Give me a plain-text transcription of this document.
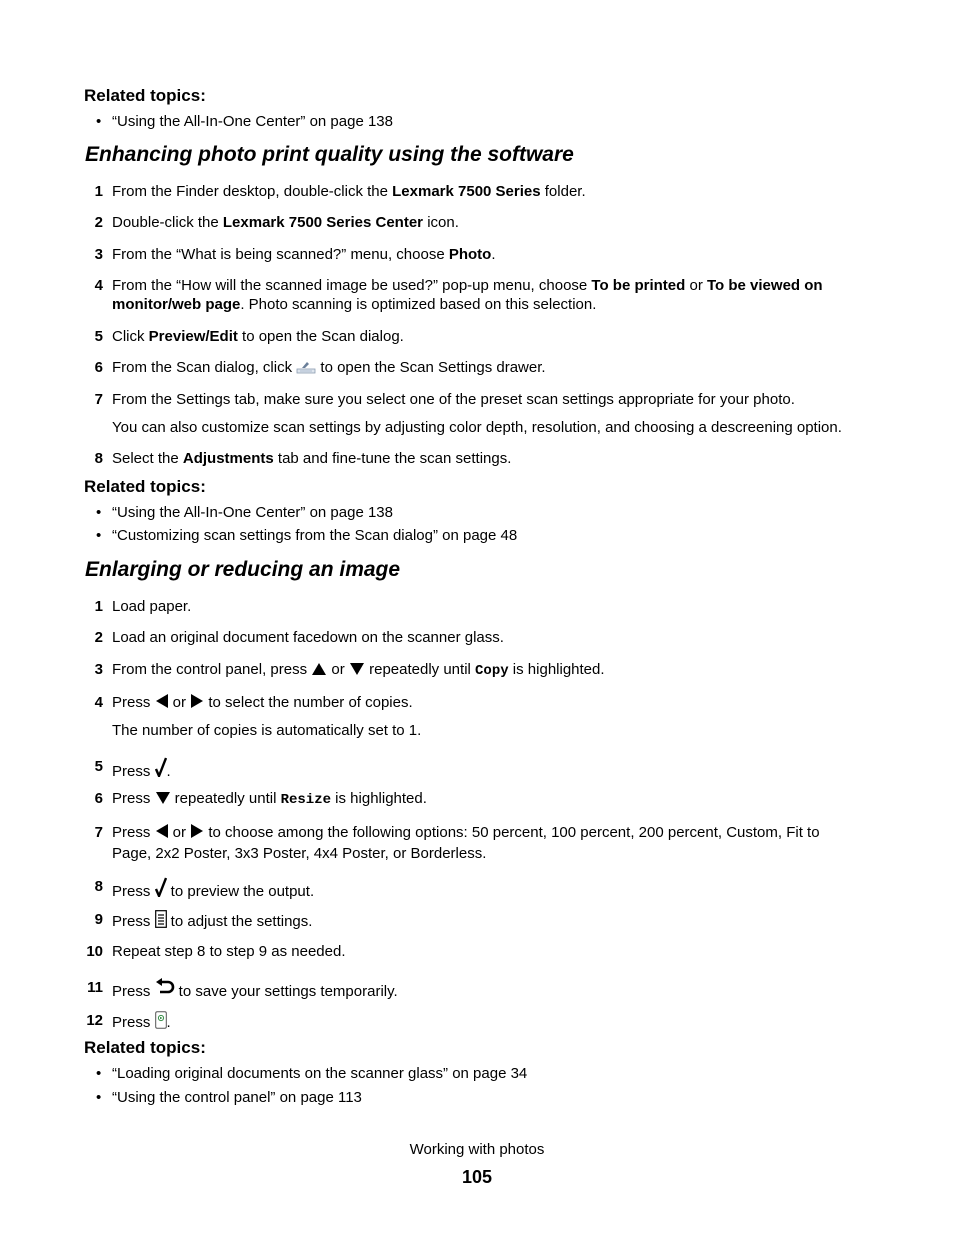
Related topics:
• “Using the All-In-One Center” on page 138
Enhancing photo print quality using the software
1 From the Finder desktop, double-click the Lexmark 7500 Series folder.
2 Double-click the Lexmark 7500 Series Center icon.
3 From the “What is being scanned?” menu, choose Photo.
4 From the “How will the scanned image be used?” pop-up menu, choose To be printed or To be viewed on monitor/web page. Photo scanning is optimized based on this selection.
5 Click Preview/Edit to open the Scan dialog.
6 From the Scan dialog, click  to open the Scan Settings drawer.
7 From the Settings tab, make sure you select one of the preset scan settings appropriate for your photo.
You can also customize scan settings by adjusting color depth, resolution, and choosing a descreening option.
8 Select the Adjustments tab and fine-tune the scan settings.
Related topics:
• “Using the All-In-One Center” on page 138
• “Customizing scan settings from the Scan dialog” on page 48
Enlarging or reducing an image
1 Load paper.
2 Load an original document facedown on the scanner glass.
3 From the control panel, press  or  repeatedly until Copy is highlighted.
4 Press  or  to select the number of copies.
The number of copies is automatically set to 1.
5 Press .
6 Press  repeatedly until Resize is highlighted.
7 Press  or  to choose among the following options: 50 percent, 100 percent, 200 percent, Custom, Fit to Page, 2x2 Poster, 3x3 Poster, 4x4 Poster, or Borderless.
8 Press  to preview the output.
9 Press  to adjust the settings.
10 Repeat step 8 to step 9 as needed.
11 Press  to save your settings temporarily.
12 Press .
Related topics:
• “Loading original documents on the scanner glass” on page 34
• “Using the control panel” on page 113
Working with photos
105
